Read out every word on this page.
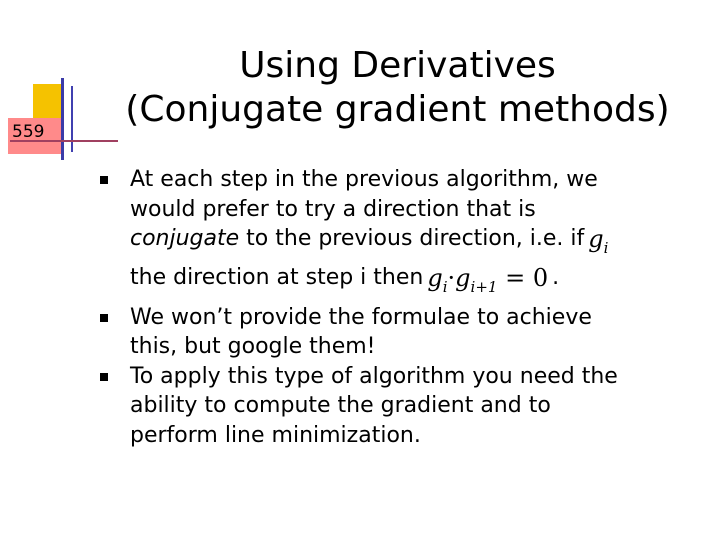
559
Using Derivatives
(Conjugate gradient methods)
At each step in the previous algorithm, we
would prefer to try a direction that is
conjugate to the previous direction, i.e. if $g_i$
the direction at step i then $g_i\cdot g_{i+1} = 0$ .
We won’t provide the formulae to achieve
this, but google them!
To apply this type of algorithm you need the
ability to compute the gradient and to
perform line minimization.
